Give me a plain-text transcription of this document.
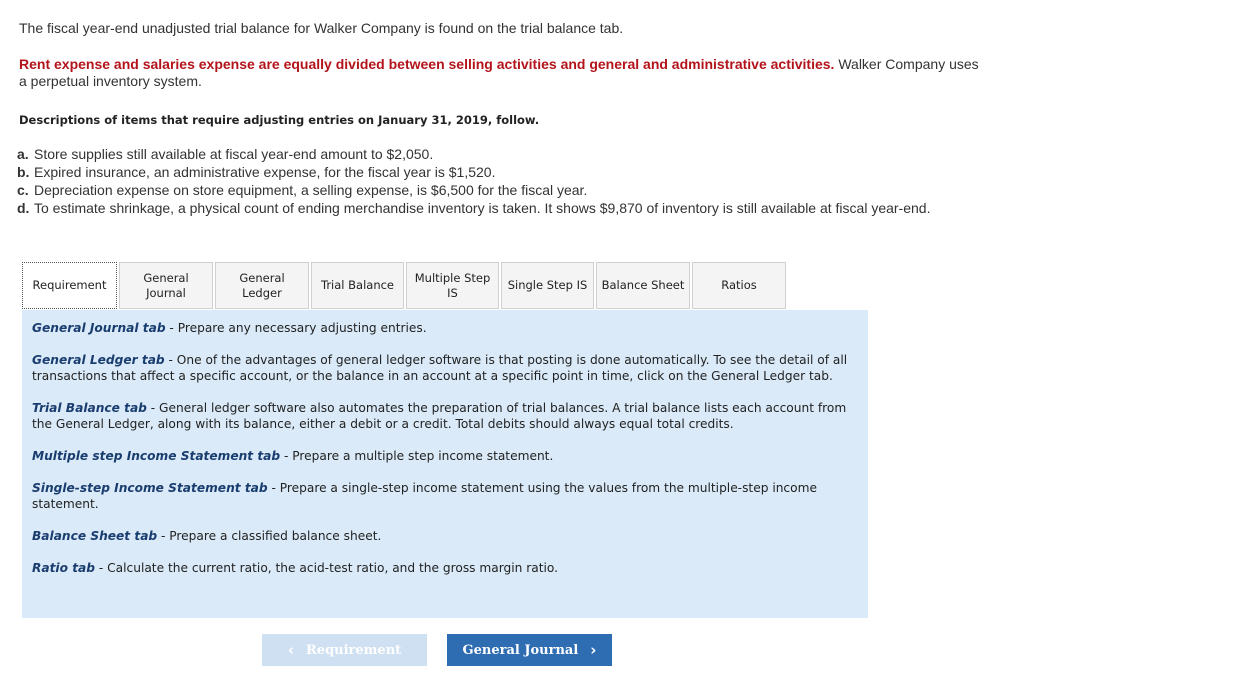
The fiscal year-end unadjusted trial balance for Walker Company is found on the trial balance tab.
Rent expense and salaries expense are equally divided between selling activities and general and administrative activities. Walker Company uses a perpetual inventory system.
Descriptions of items that require adjusting entries on January 31, 2019, follow.
a. Store supplies still available at fiscal year-end amount to $2,050.
b. Expired insurance, an administrative expense, for the fiscal year is $1,520.
c. Depreciation expense on store equipment, a selling expense, is $6,500 for the fiscal year.
d. To estimate shrinkage, a physical count of ending merchandise inventory is taken. It shows $9,870 of inventory is still available at fiscal year-end.
Requirement
General Journal
General Ledger
Trial Balance
Multiple Step IS
Single Step IS	Balance Sheet	Ratios

General Journal tab - Prepare any necessary adjusting entries.

General Ledger tab - One of the advantages of general ledger software is that posting is done automatically. To see the detail of all transactions that affect a specific account, or the balance in an account at a specific point in time, click on the General Ledger tab.

Trial Balance tab - General ledger software also automates the preparation of trial balances. A trial balance lists each account from the General Ledger, along with its balance, either a debit or a credit. Total debits should always equal total credits.

Multiple step Income Statement tab - Prepare a multiple step income statement.

Single-step Income Statement tab - Prepare a single-step income statement using the values from the multiple-step income statement.

Balance Sheet tab - Prepare a classified balance sheet.

Ratio tab - Calculate the current ratio, the acid-test ratio, and the gross margin ratio.

‹ Requirement	General Journal ›
